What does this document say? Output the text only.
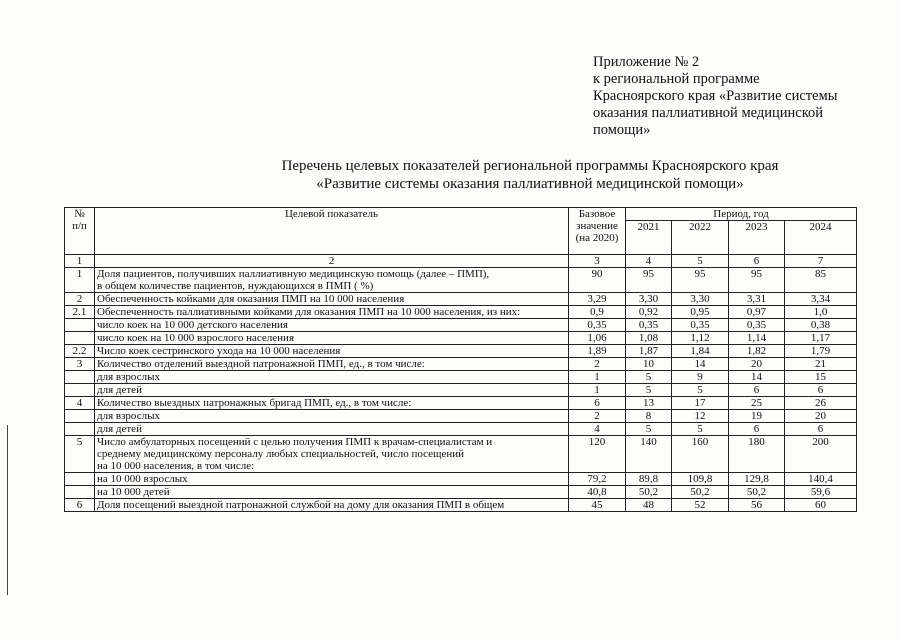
Приложение № 2
к региональной программе
Красноярского края «Развитие системы
оказания паллиативной медицинской
помощи»
Перечень целевых показателей региональной программы Красноярского края
«Развитие системы оказания паллиативной медицинской помощи»
№
п/п	Целевой показатель	Базовое
значение
(на 2020)	Период, год			
			2021	2022	2023	2024
1	2	3	4	5	6	7
1	Доля пациентов, получивших паллиативную медицинскую помощь (далее – ПМП),
в общем количестве пациентов, нуждающихся в ПМП ( %)	90	95	95	95	85
2	Обеспеченность койками для оказания ПМП на 10 000 населения	3,29	3,30	3,30	3,31	3,34
2.1	Обеспеченность паллиативными койками для оказания ПМП на 10 000 населения, из них:	0,9	0,92	0,95	0,97	1,0
	число коек на 10 000 детского населения	0,35	0,35	0,35	0,35	0,38
	число коек на 10 000 взрослого населения	1,06	1,08	1,12	1,14	1,17
2.2	Число коек сестринского ухода на 10 000 населения	1,89	1,87	1,84	1,82	1,79
3	Количество отделений выездной патронажной ПМП, ед., в том числе:	2	10	14	20	21
	для взрослых	1	5	9	14	15
	для детей	1	5	5	6	6
4	Количество выездных патронажных бригад ПМП, ед., в том числе:	6	13	17	25	26
	для взрослых	2	8	12	19	20
	для детей	4	5	5	6	6
5	Число амбулаторных посещений с целью получения ПМП к врачам-специалистам и
среднему медицинскому персоналу любых специальностей, число посещений
на 10 000 населения, в том числе:	120	140	160	180	200
	на 10 000 взрослых	79,2	89,8	109,8	129,8	140,4
	на 10 000 детей	40,8	50,2	50,2	50,2	59,6
6	Доля посещений выездной патронажной службой на дому для оказания ПМП в общем	45	48	52	56	60
